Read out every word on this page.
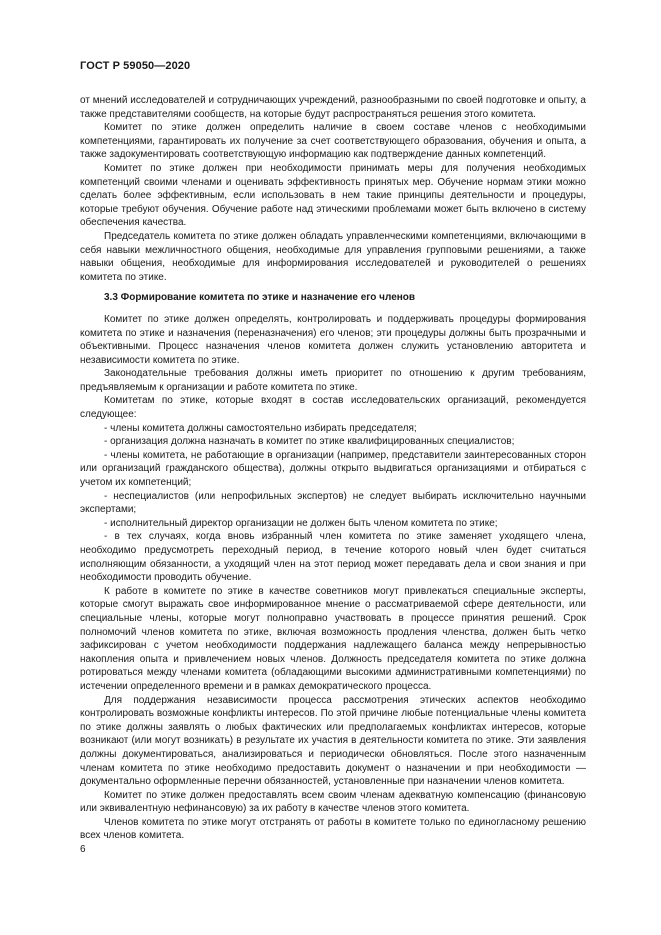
ГОСТ Р 59050—2020

от мнений исследователей и сотрудничающих учреждений, разнообразными по своей подготовке и опыту, а также представителями сообществ, на которые будут распространяться решения этого комитета.

Комитет по этике должен определить наличие в своем составе членов с необходимыми компетенциями, гарантировать их получение за счет соответствующего образования, обучения и опыта, а также задокументировать соответствующую информацию как подтверждение данных компетенций.

Комитет по этике должен при необходимости принимать меры для получения необходимых компетенций своими членами и оценивать эффективность принятых мер. Обучение нормам этики можно сделать более эффективным, если использовать в нем такие принципы деятельности и процедуры, которые требуют обучения. Обучение работе над этическими проблемами может быть включено в систему обеспечения качества.

Председатель комитета по этике должен обладать управленческими компетенциями, включающими в себя навыки межличностного общения, необходимые для управления групповыми решениями, а также навыки общения, необходимые для информирования исследователей и руководителей о решениях комитета по этике.

3.3 Формирование комитета по этике и назначение его членов

Комитет по этике должен определять, контролировать и поддерживать процедуры формирования комитета по этике и назначения (переназначения) его членов; эти процедуры должны быть прозрачными и объективными. Процесс назначения членов комитета должен служить установлению авторитета и независимости комитета по этике.

Законодательные требования должны иметь приоритет по отношению к другим требованиям, предъявляемым к организации и работе комитета по этике.

Комитетам по этике, которые входят в состав исследовательских организаций, рекомендуется следующее:

- члены комитета должны самостоятельно избирать председателя;

- организация должна назначать в комитет по этике квалифицированных специалистов;

- члены комитета, не работающие в организации (например, представители заинтересованных сторон или организаций гражданского общества), должны открыто выдвигаться организациями и отбираться с учетом их компетенций;

- неспециалистов (или непрофильных экспертов) не следует выбирать исключительно научными экспертами;

- исполнительный директор организации не должен быть членом комитета по этике;

- в тех случаях, когда вновь избранный член комитета по этике заменяет уходящего члена, необходимо предусмотреть переходный период, в течение которого новый член будет считаться исполняющим обязанности, а уходящий член на этот период может передавать дела и свои знания и при необходимости проводить обучение.

К работе в комитете по этике в качестве советников могут привлекаться специальные эксперты, которые смогут выражать свое информированное мнение о рассматриваемой сфере деятельности, или специальные члены, которые могут полноправно участвовать в процессе принятия решений. Срок полномочий членов комитета по этике, включая возможность продления членства, должен быть четко зафиксирован с учетом необходимости поддержания надлежащего баланса между непрерывностью накопления опыта и привлечением новых членов. Должность председателя комитета по этике должна ротироваться между членами комитета (обладающими высокими административными компетенциями) по истечении определенного времени и в рамках демократического процесса.

Для поддержания независимости процесса рассмотрения этических аспектов необходимо контролировать возможные конфликты интересов. По этой причине любые потенциальные члены комитета по этике должны заявлять о любых фактических или предполагаемых конфликтах интересов, которые возникают (или могут возникать) в результате их участия в деятельности комитета по этике. Эти заявления должны документироваться, анализироваться и периодически обновляться. После этого назначенным членам комитета по этике необходимо предоставить документ о назначении и при необходимости — документально оформленные перечни обязанностей, установленные при назначении членов комитета.

Комитет по этике должен предоставлять всем своим членам адекватную компенсацию (финансовую или эквивалентную нефинансовую) за их работу в качестве членов этого комитета.

Членов комитета по этике могут отстранять от работы в комитете только по единогласному решению всех членов комитета.

6
